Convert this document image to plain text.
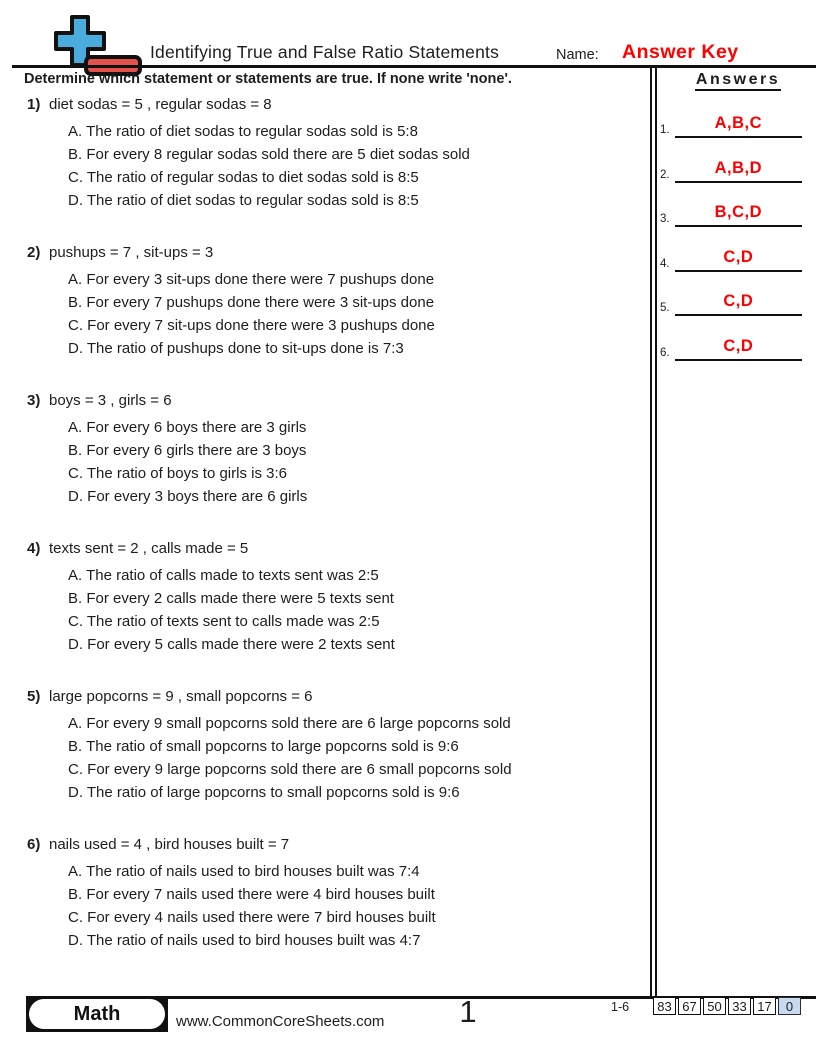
Identifying True and False Ratio Statements	Name: Answer Key
Determine which statement or statements are true. If none write 'none'.	Answers
1.	A,B,C
2.	A,B,D
3.	B,C,D
4.	C,D
5.	C,D
6.	C,D
1) diet sodas = 5 , regular sodas = 8
A. The ratio of diet sodas to regular sodas sold is 5:8
B. For every 8 regular sodas sold there are 5 diet sodas sold
C. The ratio of regular sodas to diet sodas sold is 8:5
D. The ratio of diet sodas to regular sodas sold is 8:5
2) pushups = 7 , sit-ups = 3
A. For every 3 sit-ups done there were 7 pushups done
B. For every 7 pushups done there were 3 sit-ups done
C. For every 7 sit-ups done there were 3 pushups done
D. The ratio of pushups done to sit-ups done is 7:3
3) boys = 3 , girls = 6
A. For every 6 boys there are 3 girls
B. For every 6 girls there are 3 boys
C. The ratio of boys to girls is 3:6
D. For every 3 boys there are 6 girls
4) texts sent = 2 , calls made = 5
A. The ratio of calls made to texts sent was 2:5
B. For every 2 calls made there were 5 texts sent
C. The ratio of texts sent to calls made was 2:5
D. For every 5 calls made there were 2 texts sent
5) large popcorns = 9 , small popcorns = 6
A. For every 9 small popcorns sold there are 6 large popcorns sold
B. The ratio of small popcorns to large popcorns sold is 9:6
C. For every 9 large popcorns sold there are 6 small popcorns sold
D. The ratio of large popcorns to small popcorns sold is 9:6
6) nails used = 4 , bird houses built = 7
A. The ratio of nails used to bird houses built was 7:4
B. For every 7 nails used there were 4 bird houses built
C. For every 4 nails used there were 7 bird houses built
D. The ratio of nails used to bird houses built was 4:7
Math	www.CommonCoreSheets.com	1	1-6	83 67 50 33 17	0
